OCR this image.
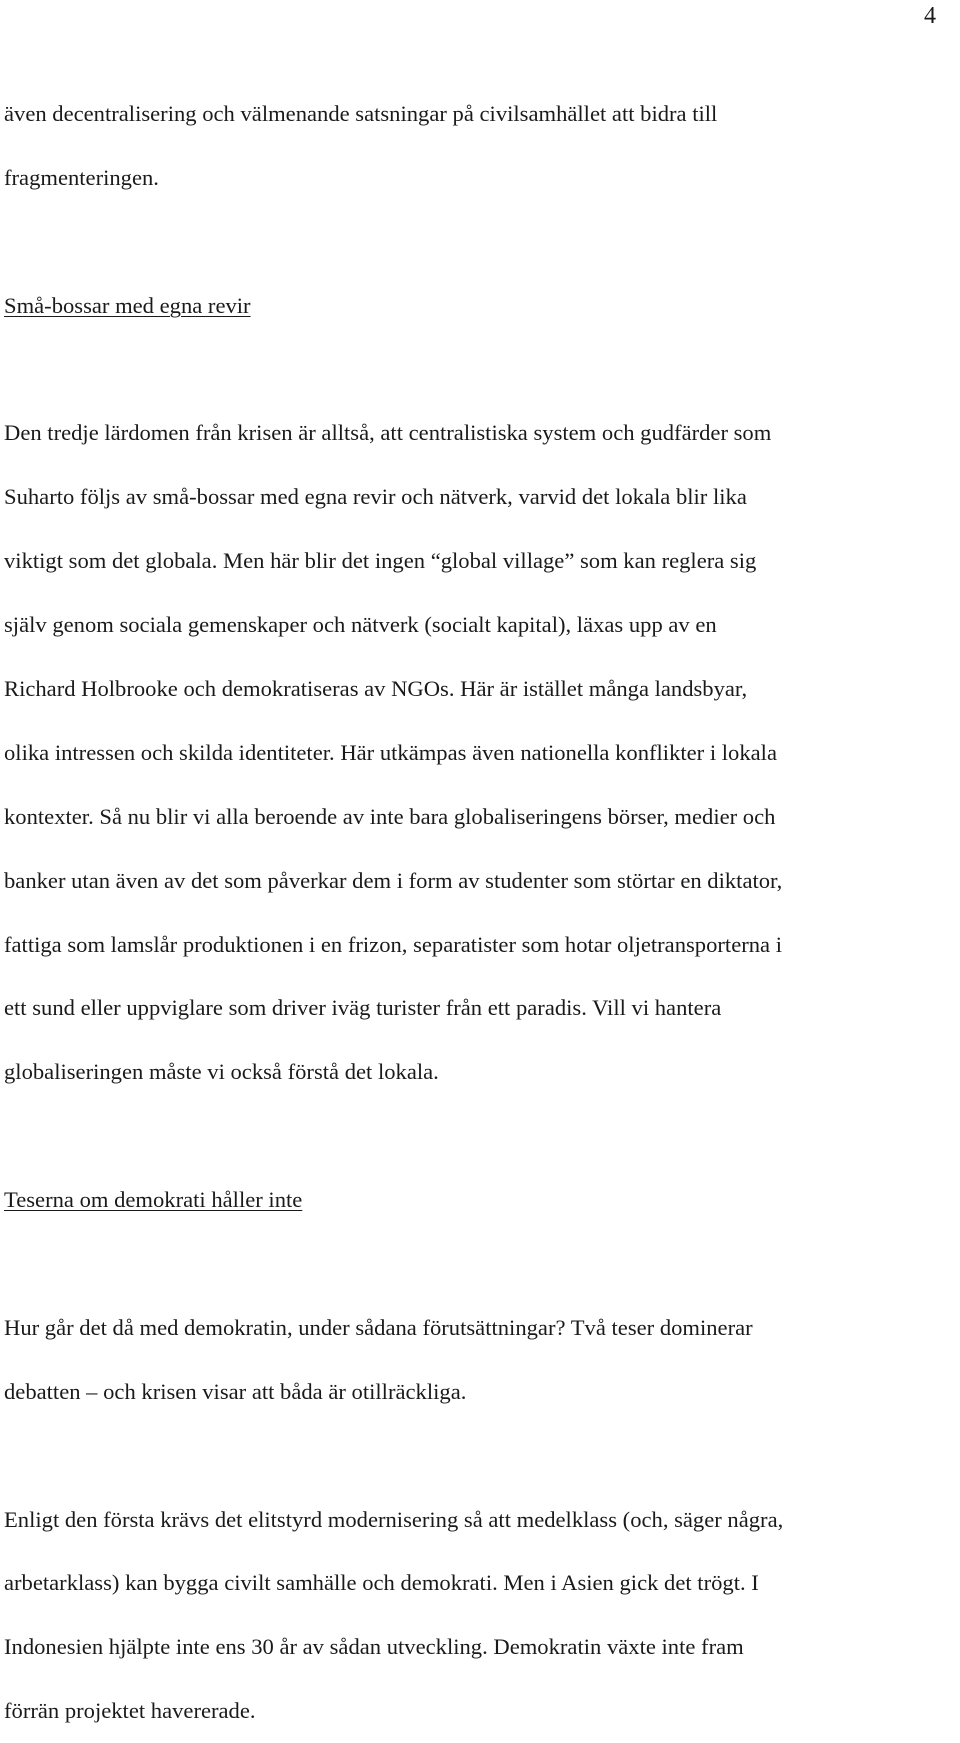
4
även decentralisering och välmenande satsningar på civilsamhället att bidra till
fragmenteringen.
Små-bossar med egna revir
Den tredje lärdomen från krisen är alltså, att centralistiska system och gudfärder som
Suharto följs av små-bossar med egna revir och nätverk, varvid det lokala blir lika
viktigt som det globala. Men här blir det ingen “global village” som kan reglera sig
själv genom sociala gemenskaper och nätverk (socialt kapital), läxas upp av en
Richard Holbrooke och demokratiseras av NGOs. Här är istället många landsbyar,
olika intressen och skilda identiteter. Här utkämpas även nationella konflikter i lokala
kontexter. Så nu blir vi alla beroende av inte bara globaliseringens börser, medier och
banker utan även av det som påverkar dem i form av studenter som störtar en diktator,
fattiga som lamslår produktionen i en frizon, separatister som hotar oljetransporterna i
ett sund eller uppviglare som driver iväg turister från ett paradis. Vill vi hantera
globaliseringen måste vi också förstå det lokala.
Teserna om demokrati håller inte
Hur går det då med demokratin, under sådana förutsättningar? Två teser dominerar
debatten – och krisen visar att båda är otillräckliga.
Enligt den första krävs det elitstyrd modernisering så att medelklass (och, säger några,
arbetarklass) kan bygga civilt samhälle och demokrati. Men i Asien gick det trögt. I
Indonesien hjälpte inte ens 30 år av sådan utveckling. Demokratin växte inte fram
förrän projektet havererade.
